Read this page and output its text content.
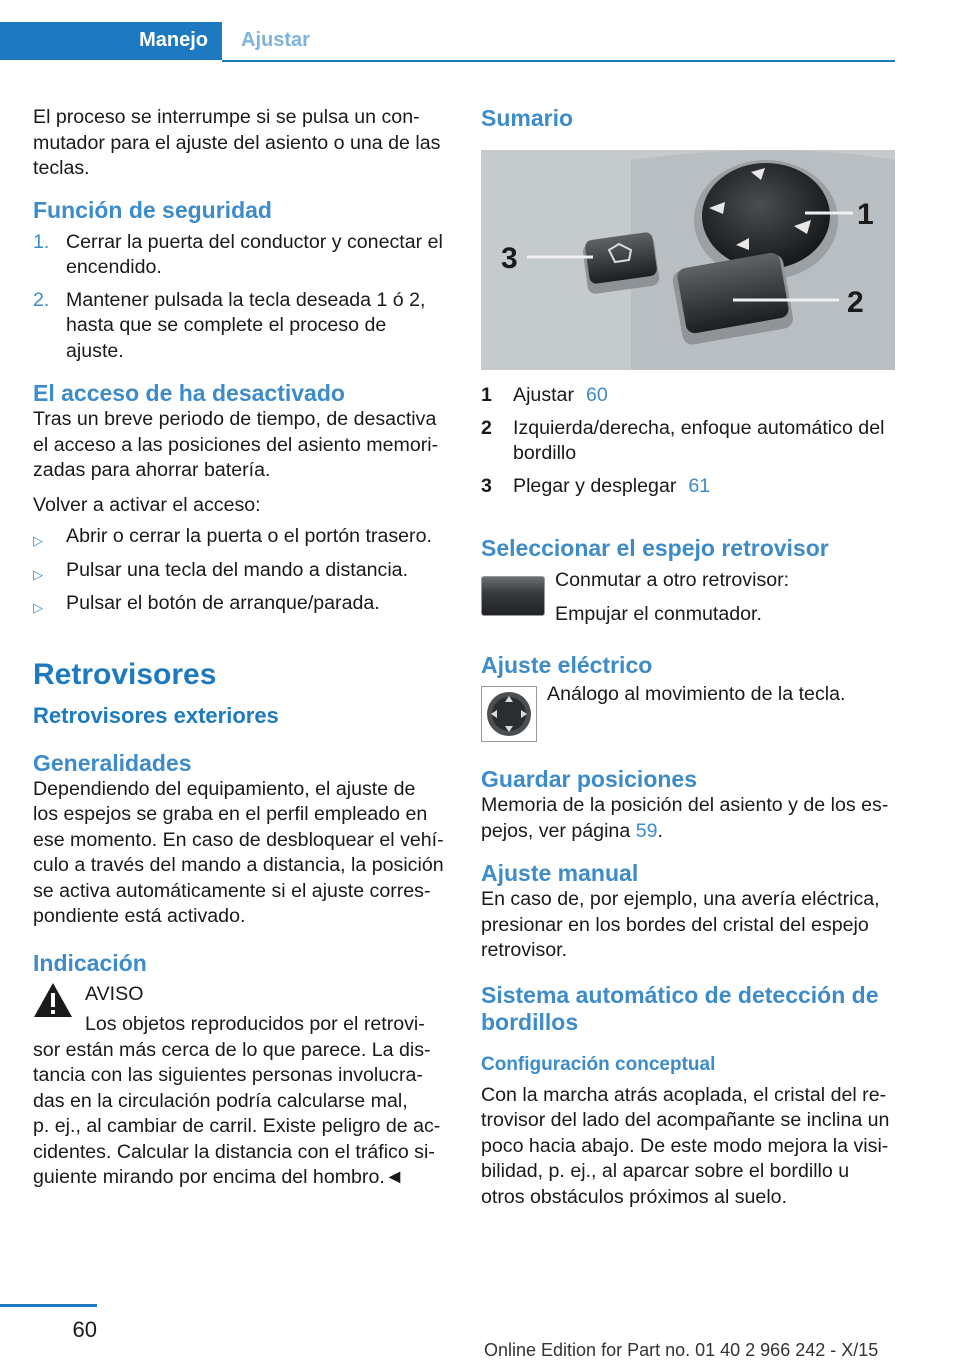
Manejo Ajustar

El proceso se interrumpe si se pulsa un con-

mutador para el ajuste del asiento o una de las

teclas.

Función de seguridad
1. Cerrar la puerta del conductor y conectar el
encendido.
2. Mantener pulsada la tecla deseada 1 ó 2,
hasta que se complete el proceso de
ajuste.
El acceso de ha desactivado

Tras un breve periodo de tiempo, de desactiva

el acceso a las posiciones del asiento memori-

zadas para ahorrar batería.

Volver a activar el acceso:

▷ Abrir o cerrar la puerta o el portón trasero.
▷ Pulsar una tecla del mando a distancia.
▷ Pulsar el botón de arranque/parada.
Retrovisores
Retrovisores exteriores
Generalidades

Dependiendo del equipamiento, el ajuste de

los espejos se graba en el perfil empleado en

ese momento. En caso de desbloquear el vehí-

culo a través del mando a distancia, la posición

se activa automáticamente si el ajuste corres-

pondiente está activado.

Indicación

AVISO

Los objetos reproducidos por el retrovi-

sor están más cerca de lo que parece. La dis-

tancia con las siguientes personas involucra-

das en la circulación podría calcularse mal,

p. ej., al cambiar de carril. Existe peligro de ac-

cidentes. Calcular la distancia con el tráfico si-

guiente mirando por encima del hombro.◄

Sumario
1
2
3
1 Ajustar 60
2 Izquierda/derecha, enfoque automático del
bordillo
3 Plegar y desplegar 61
Seleccionar el espejo retrovisor

Conmutar a otro retrovisor:

Empujar el conmutador.

Ajuste eléctrico

Análogo al movimiento de la tecla.

Guardar posiciones

Memoria de la posición del asiento y de los es-

pejos, ver página 59.

Ajuste manual

En caso de, por ejemplo, una avería eléctrica,

presionar en los bordes del cristal del espejo

retrovisor.

Sistema automático de detección de
bordillos
Configuración conceptual

Con la marcha atrás acoplada, el cristal del re-

trovisor del lado del acompañante se inclina un

poco hacia abajo. De este modo mejora la visi-

bilidad, p. ej., al aparcar sobre el bordillo u

otros obstáculos próximos al suelo.

60
Online Edition for Part no. 01 40 2 966 242 - X/15
